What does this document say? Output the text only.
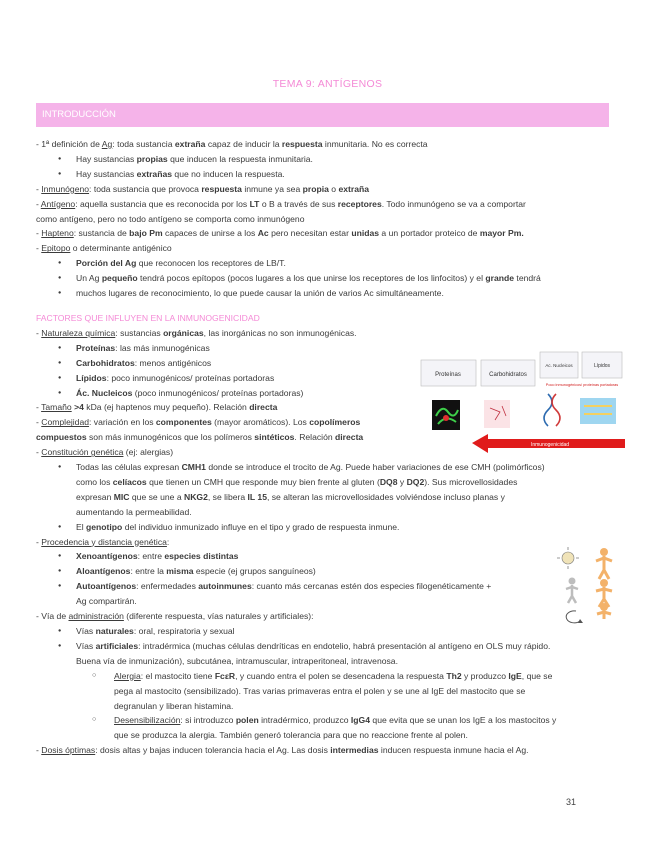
TEMA 9: ANTÍGENOS
INTRODUCCIÓN

- 1ª definición de Ag: toda sustancia extraña capaz de inducir la respuesta inmunitaria. No es correcta

● Hay sustancias propias que inducen la respuesta inmunitaria.

● Hay sustancias extrañas que no inducen la respuesta.

- Inmunógeno: toda sustancia que provoca respuesta inmune ya sea propia o extraña

- Antígeno: aquella sustancia que es reconocida por los LT o B a través de sus receptores. Todo inmunógeno se va a comportar

como antígeno, pero no todo antígeno se comporta como inmunógeno

- Hapteno: sustancia de bajo Pm capaces de unirse a los Ac pero necesitan estar unidas a un portador proteico de mayor Pm.

- Epitopo o determinante antigénico

● Porción del Ag que reconocen los receptores de LB/T.

● Un Ag pequeño tendrá pocos epítopos (pocos lugares a los que unirse los receptores de los linfocitos) y el grande tendrá

● muchos lugares de reconocimiento, lo que puede causar la unión de varios Ac simultáneamente.

FACTORES QUE INFLUYEN EN LA INMUNOGENICIDAD

- Naturaleza química: sustancias orgánicas, las inorgánicas no son inmunogénicas.

● Proteínas: las más inmunogénicas

● Carbohidratos: menos antigénicos

● Lípidos: poco inmunogénicos/ proteínas portadoras

● Ác. Nucleicos (poco inmunogénicos/ proteínas portadoras)

- Tamaño >4 kDa (ej haptenos muy pequeño). Relación directa

- Complejidad: variación en los componentes (mayor aromáticos). Los copolímeros

compuestos son más inmunogénicos que los polímeros sintéticos. Relación directa

- Constitución genética (ej: alergias)

● Todas las células expresan CMH1 donde se introduce el trocito de Ag. Puede haber variaciones de ese CMH (polimórficos)

como los celíacos que tienen un CMH que responde muy bien frente al gluten (DQ8 y DQ2). Sus microvellosidades

expresan MIC que se une a NKG2, se libera IL 15, se alteran las microvellosidades volviéndose incluso planas y

aumentando la permeabilidad.

● El genotipo del individuo inmunizado influye en el tipo y grado de respuesta inmune.

- Procedencia y distancia genética:

● Xenoantígenos: entre especies distintas

● Aloantígenos: entre la misma especie (ej grupos sanguíneos)

● Autoantígenos: enfermedades autoinmunes: cuanto más cercanas estén dos especies filogenéticamente +

Ag compartirán.

- Vía de administración (diferente respuesta, vías naturales y artificiales):

● Vías naturales: oral, respiratoria y sexual

● Vías artificiales: intradérmica (muchas células dendríticas en endotelio, habrá presentación al antígeno en OLS muy rápido.

Buena vía de inmunización), subcutánea, intramuscular, intraperitoneal, intravenosa.

○ Alergia: el mastocito tiene FcεR, y cuando entra el polen se desencadena la respuesta Th2 y produzco IgE, que se

pega al mastocito (sensibilizado). Tras varias primaveras entra el polen y se une al IgE del mastocito que se

degranulan y liberan histamina.

○ Desensibilización: si introduzco polen intradérmico, produzco IgG4 que evita que se unan los IgE a los mastocitos y

que se produzca la alergia. También generó tolerancia para que no reaccione frente al polen.

- Dosis óptimas: dosis altas y bajas inducen tolerancia hacia el Ag. Las dosis intermedias inducen respuesta inmune hacia el Ag.

Proteínas	Carbohidratos
Ac. Nucleicos	Lípidos
Poco inmunogénicos/ proteínas portadoras
Inmunogenicidad
31
